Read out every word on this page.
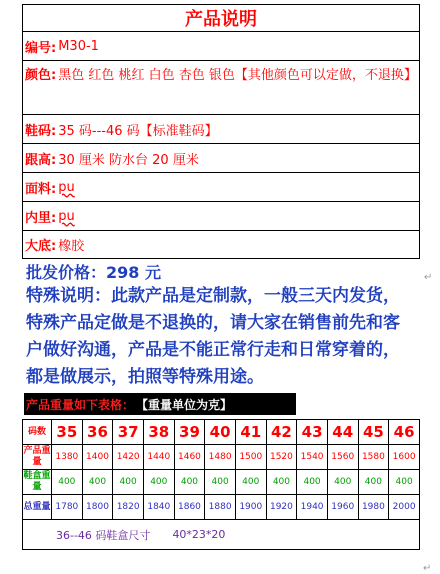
产品说明
编号: M30-1
颜色: 黑色 红色 桃红 白色 杏色 银色【其他颜色可以定做，不退换】
鞋码: 35 码---46 码【标准鞋码】
跟高: 30 厘米 防水台 20 厘米
面料: pu
内里: pu
大底: 橡胶
批发价格：298 元
特殊说明：此款产品是定制款，一般三天内发货，特殊产品定做是不退换的，请大家在销售前先和客户做好沟通，产品是不能正常行走和日常穿着的，都是做展示，拍照等特殊用途。
产品重量如下表格： 【重量单位为克】
码数	35	36	37	38	39	40	41	42	43	44	45	46
产品重量	1380	1400	1420	1440	1460	1480	1500	1520	1540	1560	1580	1600
鞋盒重量	400	400	400	400	400	400	400	400	400	400	400	400
总重量	1780	1800	1820	1840	1860	1880	1900	1920	1940	1960	1980	2000
36--46 码鞋盒尺寸 40*23*20
↵
↵
